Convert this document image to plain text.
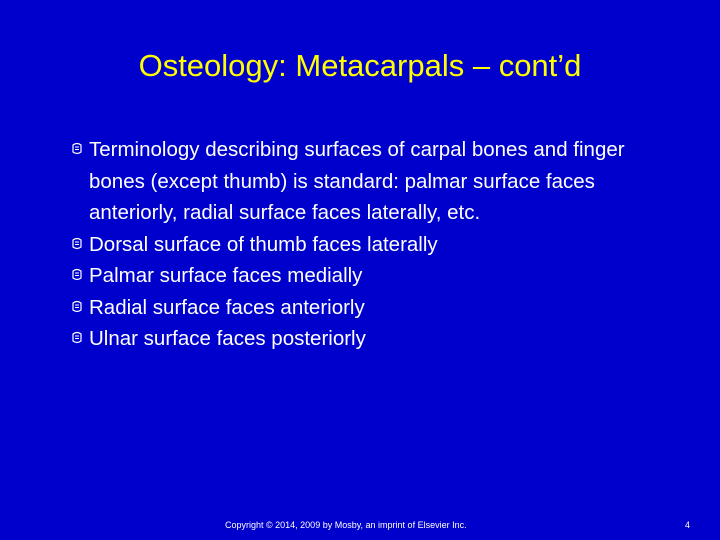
Osteology: Metacarpals – cont’d
Terminology describing surfaces of carpal bones and finger bones (except thumb) is standard: palmar surface faces anteriorly, radial surface faces laterally, etc.
Dorsal surface of thumb faces laterally
Palmar surface faces medially
Radial surface faces anteriorly
Ulnar surface faces posteriorly
Copyright © 2014, 2009 by Mosby, an imprint of Elsevier Inc.	4
